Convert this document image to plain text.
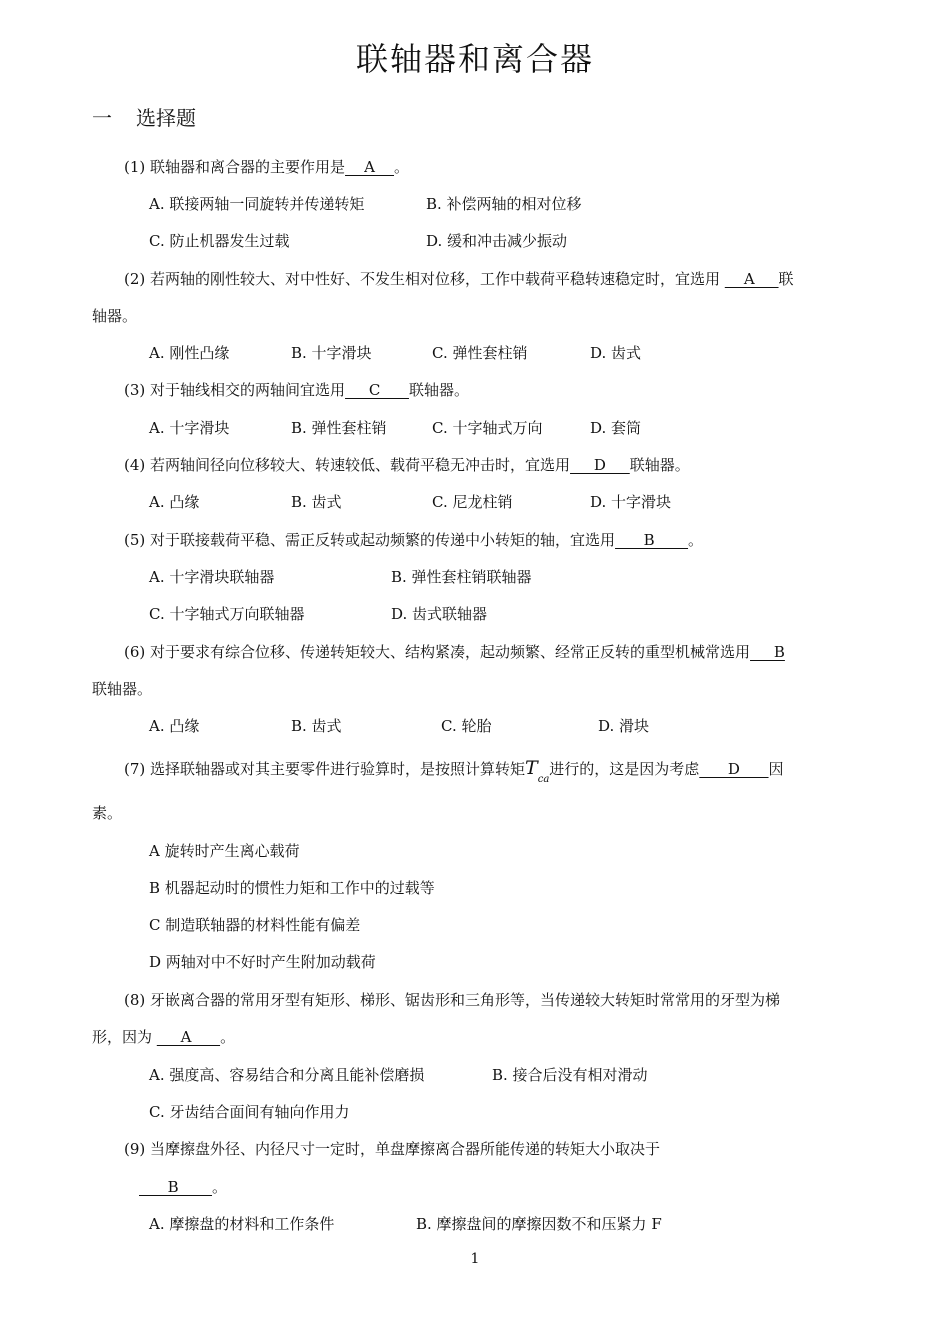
联轴器和离合器
一 选择题
(1) 联轴器和离合器的主要作用是    A    。
A. 联接两轴一同旋转并传递转矩	B. 补偿两轴的相对位移
C. 防止机器发生过载	D. 缓和冲击减少振动
(2) 若两轴的刚性较大、对中性好、不发生相对位移，工作中载荷平稳转速稳定时，宜选用     A     联
轴器。
A. 刚性凸缘	B. 十字滑块	C. 弹性套柱销	D. 齿式
(3) 对于轴线相交的两轴间宜选用     C      联轴器。
A. 十字滑块	B. 弹性套柱销	C. 十字轴式万向	D. 套筒
(4) 若两轴间径向位移较大、转速较低、载荷平稳无冲击时，宜选用     D     联轴器。
A. 凸缘	B. 齿式	C. 尼龙柱销	D. 十字滑块
(5) 对于联接载荷平稳、需正反转或起动频繁的传递中小转矩的轴，宜选用      B       。
A. 十字滑块联轴器	B. 弹性套柱销联轴器
C. 十字轴式万向联轴器	D. 齿式联轴器
(6) 对于要求有综合位移、传递转矩较大、结构紧凑，起动频繁、经常正反转的重型机械常选用     B
联轴器。
A. 凸缘	B. 齿式	C. 轮胎	D. 滑块
(7) 选择联轴器或对其主要零件进行验算时，是按照计算转矩$T_{ca}$进行的，这是因为考虑      D      因
素。
A 旋转时产生离心载荷
B 机器起动时的惯性力矩和工作中的过载等
C 制造联轴器的材料性能有偏差
D 两轴对中不好时产生附加动载荷
(8) 牙嵌离合器的常用牙型有矩形、梯形、锯齿形和三角形等，当传递较大转矩时常常用的牙型为梯
形，因为      A      。
A. 强度高、容易结合和分离且能补偿磨损	B. 接合后没有相对滑动
C. 牙齿结合面间有轴向作用力
(9) 当摩擦盘外径、内径尺寸一定时，单盘摩擦离合器所能传递的转矩大小取决于
B       。
A. 摩擦盘的材料和工作条件	B. 摩擦盘间的摩擦因数不和压紧力 F
1
